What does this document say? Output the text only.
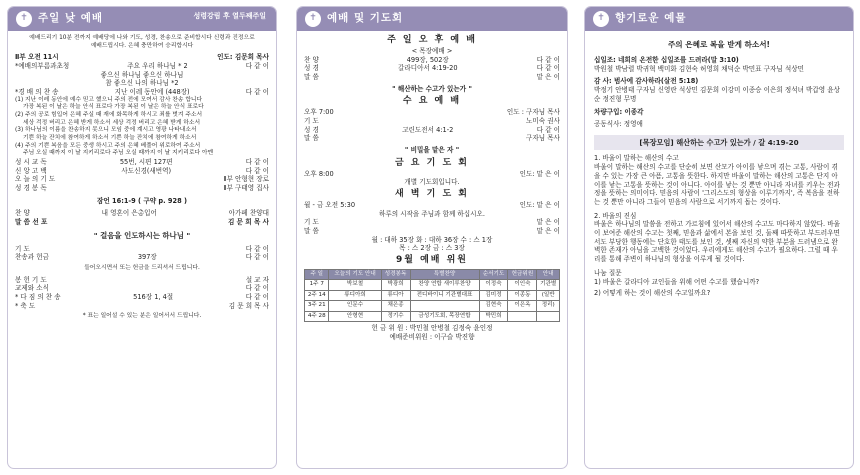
✝ 주일 낮 예배	성령강림 후 열두째주일
예배드리기 10분 전까지 예배당에 나와 기도, 성경, 찬송으로 준비합시다 신령과 진정으로 예배드립시다. 은혜 충만하여 승리합시다
Ⅱ부 오전 11시	인도: 김문희 목사
*예배의부름과초청	주요 우리 하나님 * 2	다 같 이
좋으신 하나님 좋으신 하나님
참 좋으신 나의 하나님 *2
*경 배 의 찬 송	지난 이레 동안에 (448장)	다 같 이

(1) 지난 이레 동안에 예수 믿고 했으니 주의 전에 모여서 감사 찬송 합니다

가장 복된 이 날은 하늘 안식 표로다 가장 복된 이 날은 하늘 안식 표로다

(2) 주의 공로 힘입어 은혜 주실 때 재에 화목하게 하시고 죄를 벗겨 주소서

세상 걱정 버리고 은혜 받게 하소서 세상 걱정 버리고 은혜 받게 하소서

(3) 하나님의 이름을 찬송하지 못으니 모임 중에 계시고 영광 나타내소서

기쁜 하늘 잔치에 참여하게 하소서 기쁜 하늘 잔치에 참여하게 하소서

(4) 주의 기쁜 복음을 모든 중생 하시고 주의 은혜 베풀어 위로하여 주소서

주님 오실 때까지 이 날 지키리로다 주님 오실 때까지 이 날 지키리로다 아멘

성 시 교 독	55번, 시편 127편	다 같 이
신 앙 고 백	사도신경(새번역)	다 같 이
오 늘 의 기 도	Ⅱ부 안형현 장로
성 경 봉 독	Ⅱ부 구태영 집사
잠언 16:1-9 ( 구약 p. 928 )
찬 양	내 영혼이 은총입어	아가페 찬양대
말 씀 선 포	김 문 희 목 사
" 걸음을 인도하시는 하나님 "
기 도	다 같 이
찬송과 헌금	397장	다 같 이
들어오시면서 또는 헌금을 드리셔서 드립니다.
봉 헌 기 도	설 교 자
교제와 소식	다 같 이
* 다 짐 의 찬 송	516장 1, 4절	다 같 이
* 축 도	김 문 희 목 사
* 표는 일어설 수 있는 분은 일어서서 드립니다.
✝ 예배 및 기도회
주 일 오 후 예 배
< 목장예배 >
찬 양	499장, 502장	다 같 이
성 경	갈라디아서 4:19-20	다 같 이
말 씀	맡 은 이
" 해산하는 수고가 있는가 "
수 요 예 배
오후 7:00	인도 : 구자님 목사
기 도	노미숙 권사
성 경	고린도전서 4:1-2	다 같 이
말 씀	구자님 목사
" 비밀을 맡은 자 "
금 요 기 도 회
오후 8:00	인도: 맡 은 이
개별 기도회입니다.
새 벽 기 도 회
월 - 금 오전 5:30	인도: 맡 은 이
하루의 시작을 주님과 함께 하십시오.
기 도	맡 은 이
말 씀	맡 은 이
월 : 대하 35장 화 : 대하 36장 수 : 스 1장
목 : 스 2장 금 : 스 3장
9월 예배 위원
주 일	오늘의 기도 안내	성경봉독	특별찬양	순서기도	헌금위원	안내
1주 7	박보철	박광희	찬양 연합 새이루찬양	이정숙	이인숙	기관별
2주 14	류디아희	류디아	전디바이니 기관별대표	김미정	이종동	(일반
3주 21	인문수	채은종		김현숙	이은옥	정리)
4주 28	안형현	정기수	금성기도회, 목장연합	박민희		
헌 금 위 원 : 박민철 안병철 김정숙 윤인정
예배준비위원 : 이구슬 박진향
✝ 향기로운 예물
주의 은혜로 복을 받게 하소서!
십일조: 네희의 온전한 십일조를 드려라(말 3:10)
박원철 박남렬 박귀혁 백미화 김현숙 허영희 채덕순 박민표 구자님 석상민
감 사: 범사에 감사하라(살전 5:18)
박정기 안병태 구자님 신영란 석상민 김문희 이강미 이종승 이은희 정석녀 박갑영 윤상순 정진형 무명
차량구입: 이종각
공동식사: 정영애
[목장모임] 해산하는 수고가 있는가 / 갈 4:19-20
1. 바울이 말하는 해산의 수고
바울이 말하는 해산의 수고를 단순히 보면 산모가 아이를 낳으며 겪는 고통, 사람이 겪을 수 있는 가장 큰 아픔, 고통을 뜻한다. 하지만 바울이 말하는 해산의 고통은 단지 아이를 낳는 고통을 뜻하는 것이 아니다. 아이를 낳는 것 뿐만 아니라 자녀를 키우는 전과정을 뜻하는 의미이다. 믿음의 사람이 '그리스도의 형상을 이루기까지', 즉 복음을 전하는 것 뿐만 아니라 그들이 믿음의 사람으로 서기까지 돕는 것이다.
2. 바울의 진심
바울은 하나님의 말씀을 전하고 가르침에 있어서 해산의 수고도 마다하지 않았다. 바울이 보여준 해산의 수고는 첫째, 믿음과 삶에서 본을 보인 것, 둘째 따뜻하고 부드러우면서도 부당한 행동에는 단호한 태도를 보인 것, 셋째 자신의 약한 부분을 드러냄으로 완벽한 존재가 아님을 고백한 것이었다. 우리에게도 해산의 수고가 필요하다. 그럴 때 우리를 통해 주변이 하나님의 형상을 이루게 될 것이다.
나눔 질문
1) 바울은 갈라디아 교인들을 위해 어떤 수고를 했습니까?
2) 어떻게 하는 것이 해산의 수고일까요?
